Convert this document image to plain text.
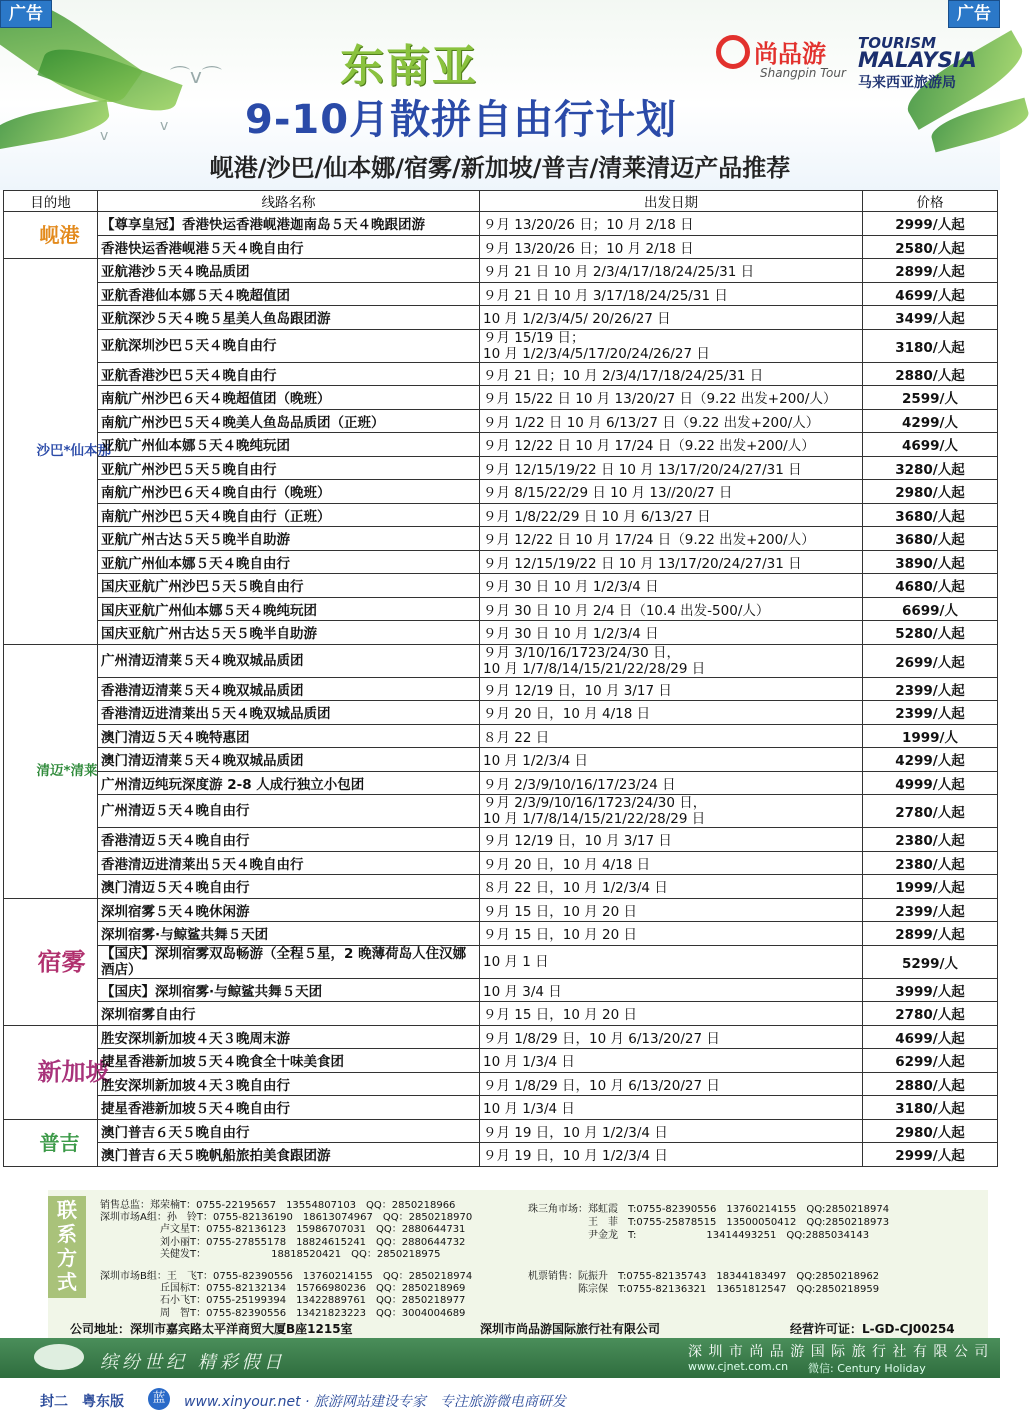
⌒v⌒
v
v
东南亚
9-10月散拼自由行计划
岘港/沙巴/仙本娜/宿雾/新加坡/普吉/清莱清迈产品推荐
尚品游
Shangpin Tour
TOURISM
MALAYSIA
马来西亚旅游局
广告	广告
目的地	线路名称	出发日期	价格

岘港	【尊享皇冠】香港快运香港岘港迦南岛５天４晚跟团游	９月 13/20/26 日；10 月 2/18 日	2999/人起
	香港快运香港岘港５天４晚自由行	９月 13/20/26 日；10 月 2/18 日	2580/人起

沙巴*仙本那	亚航港沙５天４晚品质团	９月 21 日 10 月 2/3/4/17/18/24/25/31 日	2899/人起
	亚航香港仙本娜５天４晚超值团	９月 21 日 10 月 3/17/18/24/25/31 日	4699/人起
	亚航深沙５天４晚５星美人鱼岛跟团游	10 月 1/2/3/4/5/ 20/26/27 日	3499/人起
	亚航深圳沙巴５天４晚自由行	９月 15/19 日；
10 月 1/2/3/4/5/17/20/24/26/27 日	3180/人起
	亚航香港沙巴５天４晚自由行	９月 21 日；10 月 2/3/4/17/18/24/25/31 日	2880/人起
	南航广州沙巴６天４晚超值团（晚班）	９月 15/22 日 10 月 13/20/27 日（9.22 出发+200/人）	2599/人
	南航广州沙巴５天４晚美人鱼岛品质团（正班）	９月 1/22 日 10 月 6/13/27 日（9.22 出发+200/人）	4299/人
	亚航广州仙本娜５天４晚纯玩团	９月 12/22 日 10 月 17/24 日（9.22 出发+200/人）	4699/人
	亚航广州沙巴５天５晚自由行	９月 12/15/19/22 日 10 月 13/17/20/24/27/31 日	3280/人起
	南航广州沙巴６天４晚自由行（晚班）	９月 8/15/22/29 日 10 月 13//20/27 日	2980/人起
	南航广州沙巴５天４晚自由行（正班）	９月 1/8/22/29 日 10 月 6/13/27 日	3680/人起
	亚航广州古达５天５晚半自助游	９月 12/22 日 10 月 17/24 日（9.22 出发+200/人）	3680/人起
	亚航广州仙本娜５天４晚自由行	９月 12/15/19/22 日 10 月 13/17/20/24/27/31 日	3890/人起
	国庆亚航广州沙巴５天５晚自由行	９月 30 日 10 月 1/2/3/4 日	4680/人起
	国庆亚航广州仙本娜５天４晚纯玩团	９月 30 日 10 月 2/4 日（10.4 出发-500/人）	6699/人
	国庆亚航广州古达５天５晚半自助游	９月 30 日 10 月 1/2/3/4 日	5280/人起

清迈*清莱	广州清迈清莱５天４晚双城品质团	９月 3/10/16/1723/24/30 日，
10 月 1/7/8/14/15/21/22/28/29 日	2699/人起
	香港清迈清莱５天４晚双城品质团	９月 12/19 日，10 月 3/17 日	2399/人起
	香港清迈进清莱出５天４晚双城品质团	９月 20 日，10 月 4/18 日	2399/人起
	澳门清迈５天４晚特惠团	８月 22 日	1999/人
	澳门清迈清莱５天４晚双城品质团	10 月 1/2/3/4 日	4299/人起
	广州清迈纯玩深度游 2-8 人成行独立小包团	９月 2/3/9/10/16/17/23/24 日	4999/人起
	广州清迈５天４晚自由行	９月 2/3/9/10/16/1723/24/30 日，
10 月 1/7/8/14/15/21/22/28/29 日	2780/人起
	香港清迈５天４晚自由行	９月 12/19 日，10 月 3/17 日	2380/人起
	香港清迈进清莱出５天４晚自由行	９月 20 日，10 月 4/18 日	2380/人起
	澳门清迈５天４晚自由行	８月 22 日，10 月 1/2/3/4 日	1999/人起

宿雾	深圳宿雾５天４晚休闲游	９月 15 日，10 月 20 日	2399/人起
	深圳宿雾·与鲸鲨共舞５天团	９月 15 日，10 月 20 日	2899/人起
	【国庆】深圳宿雾双岛畅游（全程５星，2 晚薄荷岛人住汉娜酒店）	10 月 1 日	5299/人
	【国庆】深圳宿雾·与鲸鲨共舞５天团	10 月 3/4 日	3999/人起
	深圳宿雾自由行	９月 15 日，10 月 20 日	2780/人起

新加坡	胜安深圳新加坡４天３晚周末游	９月 1/8/29 日，10 月 6/13/20/27 日	4699/人起
	捷星香港新加坡５天４晚食全十味美食团	10 月 1/3/4 日	6299/人起
	胜安深圳新加坡４天３晚自由行	９月 1/8/29 日，10 月 6/13/20/27 日	2880/人起
	捷星香港新加坡５天４晚自由行	10 月 1/3/4 日	3180/人起

普吉	澳门普吉６天５晚自由行	９月 19 日，10 月 1/2/3/4 日	2980/人起
	澳门普吉６天５晚帆船旅拍美食跟团游	９月 19 日，10 月 1/2/3/4 日	2999/人起
联系方式
销售总监：郑荣楠T：0755-22195657　13554807103　QQ：2850218966
深圳市场A组：孙　铃T：0755-82136190　18613074967　QQ：2850218970
　　　　　　卢文星T：0755-82136123　15986707031　QQ：2880644731
　　　　　　刘小丽T：0755-27855178　18824615241　QQ：2880644732
　　　　　　关健发T：　　　　　　　18818520421　QQ：2850218975
深圳市场B组：王　飞T：0755-82390556　13760214155　QQ：2850218974
　　　　　　丘国标T：0755-82132134　15766980236　QQ：2850218969
　　　　　　石小飞T：0755-25199394　13422889761　QQ：2850218977
　　　　　　周　智T：0755-82390556　13421823223　QQ：3004004689
珠三角市场：郑虹霞　T:0755-82390556　13760214155　QQ:2850218974
　　　　　　王　菲　T:0755-25878515　13500050412　QQ:2850218973
　　　　　　尹金龙　T:　　　　　　　13414493251　QQ:2885034143
机票销售：阮振升　T:0755-82135743　18344183497　QQ:2850218962
　　　　　陈宗保　T:0755-82136321　13651812547　QQ:2850218959
公司地址：深圳市嘉宾路太平洋商贸大厦B座1215室	深圳市尚品游国际旅行社有限公司	经营许可证：L-GD-CJ00254
缤纷世纪 精彩假日	深 圳 市 尚 品 游 国 际 旅 行 社 有 限 公 司
www.cjnet.com.cn 微信: Century Holiday
封二　粤东版	蓝	www.xinyour.net · 旅游网站建设专家　专注旅游微电商研发
